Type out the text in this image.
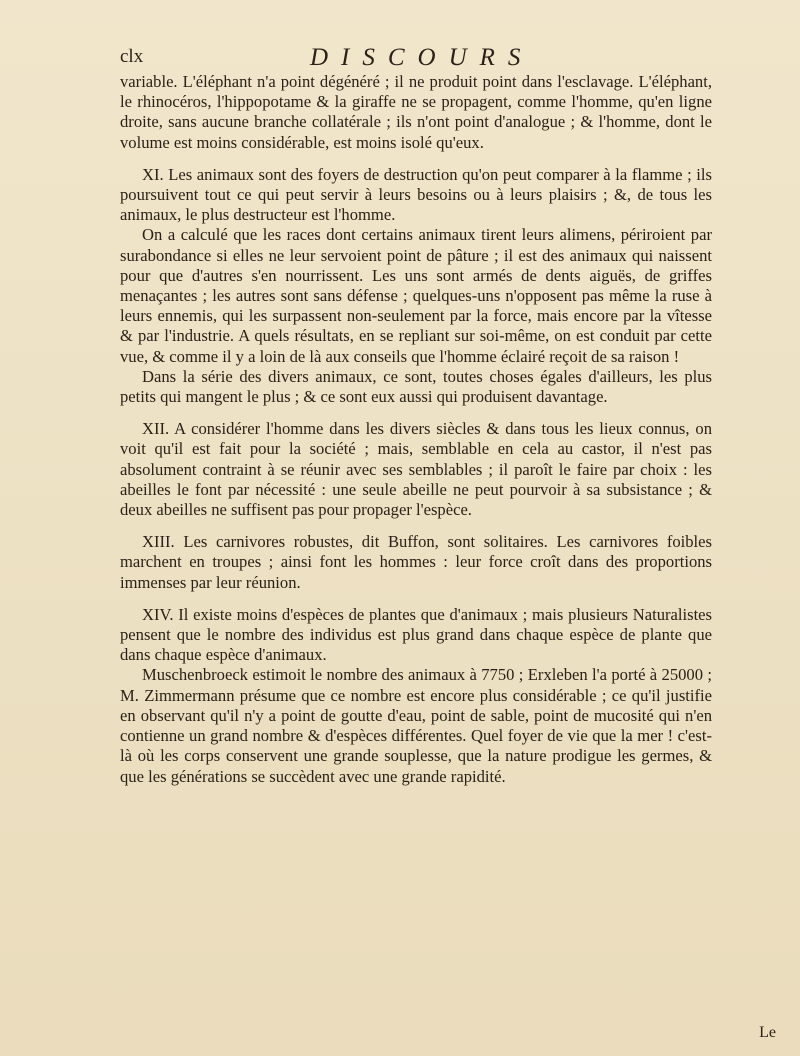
clx	DISCOURS

variable. L'éléphant n'a point dégénéré ; il ne produit point dans l'esclavage. L'éléphant, le rhinocéros, l'hippopotame & la giraffe ne se propagent, comme l'homme, qu'en ligne droite, sans aucune branche collatérale ; ils n'ont point d'analogue ; & l'homme, dont le volume est moins considérable, est moins isolé qu'eux.

XI. Les animaux sont des foyers de destruction qu'on peut comparer à la flamme ; ils poursuivent tout ce qui peut servir à leurs besoins ou à leurs plaisirs ; &, de tous les animaux, le plus destructeur est l'homme.

On a calculé que les races dont certains animaux tirent leurs alimens, périroient par surabondance si elles ne leur servoient point de pâture ; il est des animaux qui naissent pour que d'autres s'en nourrissent. Les uns sont armés de dents aiguës, de griffes menaçantes ; les autres sont sans défense ; quelques-uns n'opposent pas même la ruse à leurs ennemis, qui les surpassent non-seulement par la force, mais encore par la vîtesse & par l'industrie. A quels résultats, en se repliant sur soi-même, on est conduit par cette vue, & comme il y a loin de là aux conseils que l'homme éclairé reçoit de sa raison !

Dans la série des divers animaux, ce sont, toutes choses égales d'ailleurs, les plus petits qui mangent le plus ; & ce sont eux aussi qui produisent davantage.

XII. A considérer l'homme dans les divers siècles & dans tous les lieux connus, on voit qu'il est fait pour la société ; mais, semblable en cela au castor, il n'est pas absolument contraint à se réunir avec ses semblables ; il paroît le faire par choix : les abeilles le font par nécessité : une seule abeille ne peut pourvoir à sa subsistance ; & deux abeilles ne suffisent pas pour propager l'espèce.

XIII. Les carnivores robustes, dit Buffon, sont solitaires. Les carnivores foibles marchent en troupes ; ainsi font les hommes : leur force croît dans des proportions immenses par leur réunion.

XIV. Il existe moins d'espèces de plantes que d'animaux ; mais plusieurs Naturalistes pensent que le nombre des individus est plus grand dans chaque espèce de plante que dans chaque espèce d'animaux.

Muschenbroeck estimoit le nombre des animaux à 7750 ; Erxleben l'a porté à 25000 ; M. Zimmermann présume que ce nombre est encore plus considérable ; ce qu'il justifie en observant qu'il n'y a point de goutte d'eau, point de sable, point de mucosité qui n'en contienne un grand nombre & d'espèces différentes. Quel foyer de vie que la mer ! c'est-là où les corps conservent une grande souplesse, que la nature prodigue les germes, & que les générations se succèdent avec une grande rapidité.

Le
